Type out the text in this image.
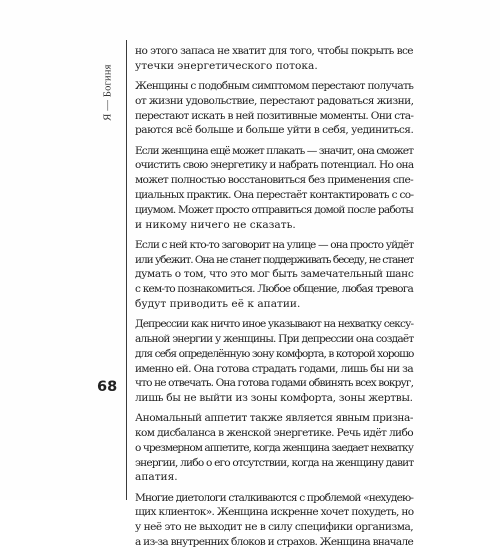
Я — Богиня
68

но этого запаса не хватит для того, чтобы покрыть все
утечки энергетического потока.

Женщины с подобным симптомом перестают получать
от жизни удовольствие, перестают радоваться жизни,
перестают искать в ней позитивные моменты. Они ста-
раются всё больше и больше уйти в себя, уединиться.

Если женщина ещё может плакать — значит, она сможет
очистить свою энергетику и набрать потенциал. Но она
может полностью восстановиться без применения спе-
циальных практик. Она перестаёт контактировать с со-
циумом. Может просто отправиться домой после работы
и никому ничего не сказать.

Если с ней кто-то заговорит на улице — она просто уйдёт
или убежит. Она не станет поддерживать беседу, не станет
думать о том, что это мог быть замечательный шанс
с кем-то познакомиться. Любое общение, любая тревога
будут приводить её к апатии.

Депрессии как ничто иное указывают на нехватку сексу-
альной энергии у женщины. При депрессии она создаёт
для себя определённую зону комфорта, в которой хорошо
именно ей. Она готова страдать годами, лишь бы ни за
что не отвечать. Она готова годами обвинять всех вокруг,
лишь бы не выйти из зоны комфорта, зоны жертвы.

Аномальный аппетит также является явным призна-
ком дисбаланса в женской энергетике. Речь идёт либо
о чрезмерном аппетите, когда женщина заедает нехватку
энергии, либо о его отсутствии, когда на женщину давит
апатия.

Многие диетологи сталкиваются с проблемой «нехудею-
щих клиенток». Женщина искренне хочет похудеть, но
у неё это не выходит не в силу специфики организма,
а из-за внутренних блоков и страхов. Женщина вначале
